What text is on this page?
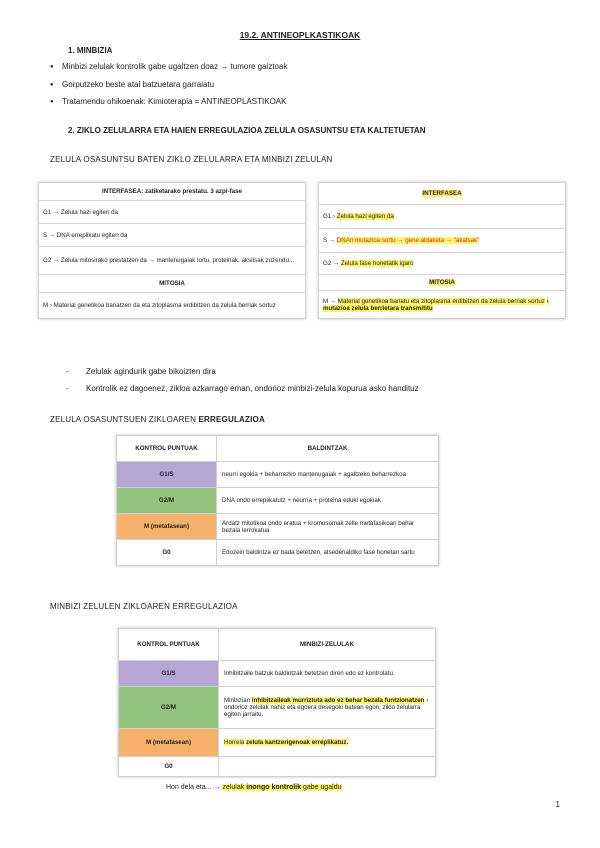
19.2. ANTINEOPLKASTIKOAK
1. MINBIZIA
● Minbizi zelulak kontrolik gabe ugaltzen doaz → tumore gaiztoak
● Gorputzeko beste atal batzuetara garraiatu
● Tratamendu ohikoenak: Kimioterapia = ANTINEOPLASTIKOAK
2. ZIKLO ZELULARRA ETA HAIEN ERREGULAZIOA ZELULA OSASUNTSU ETA KALTETUETAN
ZELULA OSASUNTSU BATEN ZIKLO ZELULARRA ETA MINBIZI ZELULAN
INTERFASEA: zatiketarako prestatu. 3 azpi-fase
G1 → Zelula hazi egiten da
S → DNA erreplikatu egiten da
G2 → Zelula mitosirako prestatzen da → mantenugaiak lortu, proteinak, aksitsak zuzendu...
MITOSIA
M › Material genetikoa banatzen da eta zitoplasma erdibitzen da zelula berriak sortuz
INTERFASEA
G1 › Zelula hazi egiten da
S → DNAn mutazioa sortu → gene aldaketa → "akatsak"
G2 → Zelula fase honetatik igaro
MITOSIA
M → Material genetikoa banatu eta zitoplasma erdibitzen da zelula berriak sortuz › mutazioa zelula berrietara transmititu
- Zelulak agindurik gabe bikoizten dira
- Kontrolik ez dagoenez, zikloa azkarrago eman, ondorioz minbizi-zelula kopurua asko handituz
ZELULA OSASUNTSUEN ZIKLOAREN ERREGULAZIOA
KONTROL PUNTUAK	BALDINTZAK
G1/S	neurri egokia + beharrezko mantenugaiak + agaltzeko beharrezkoa
G2/M	DNA ondo erreplikatutz + neurria + proteina eduki egokiak
M (metafasean)	Ardatz mitotikoa ondo eratua + kromosomak zelle metafasikoan behar bezala lerrokatua
G0	Edozein baldintza ez bada betetzen, atsedenaldiko fase honetan sartu
MINBIZI ZELULEN ZIKLOAREN ERREGULAZIOA
KONTROL PUNTUAK	MINBIZI-ZELULAK
G1/S	Inhibitzaile batzuk baldintzak betetzen diren edo ez kontrolatu.
G2/M	Minbizian inhibitzaileak murriztuta ado ez behar bezala funtzionatzen › ondorioz zelulak nahiz eta egoera desegoki batean egon, ziklo zelularra egiten jarraitu.
M (metafasean)	Horrela zelula kantzerigenoak erreplikatuz.
G0	
Hon dela eta... → zelulak inongo kontrolik gabe ugaldu
1
